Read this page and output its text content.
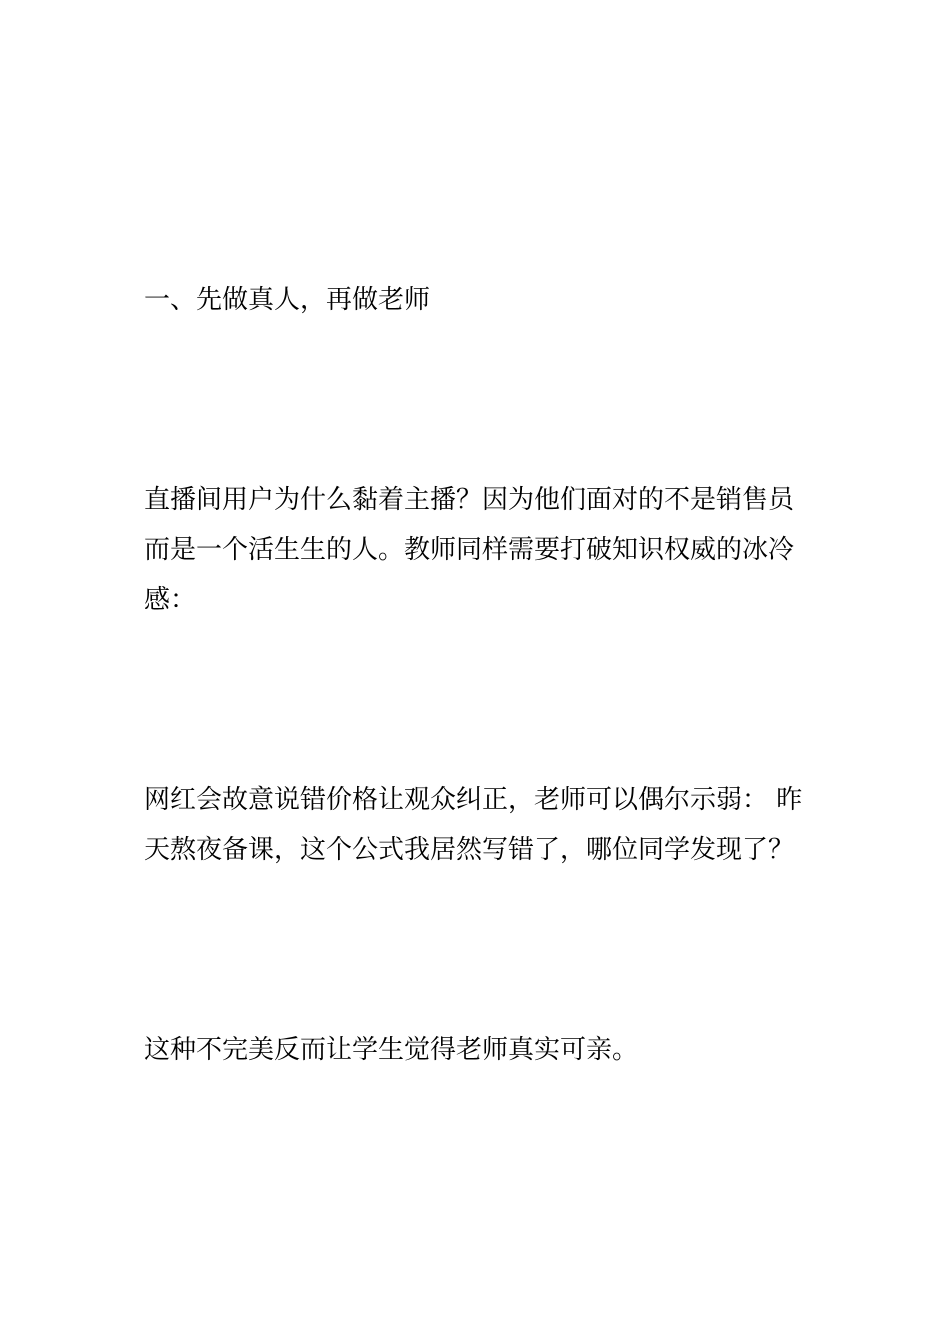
一、先做真人，再做老师

直播间用户为什么黏着主播？因为他们面对的不是销售员而是一个活生生的人。教师同样需要打破知识权威的冰冷感：

网红会故意说错价格让观众纠正，老师可以偶尔示弱： 昨天熬夜备课，这个公式我居然写错了，哪位同学发现了？

这种不完美反而让学生觉得老师真实可亲。
